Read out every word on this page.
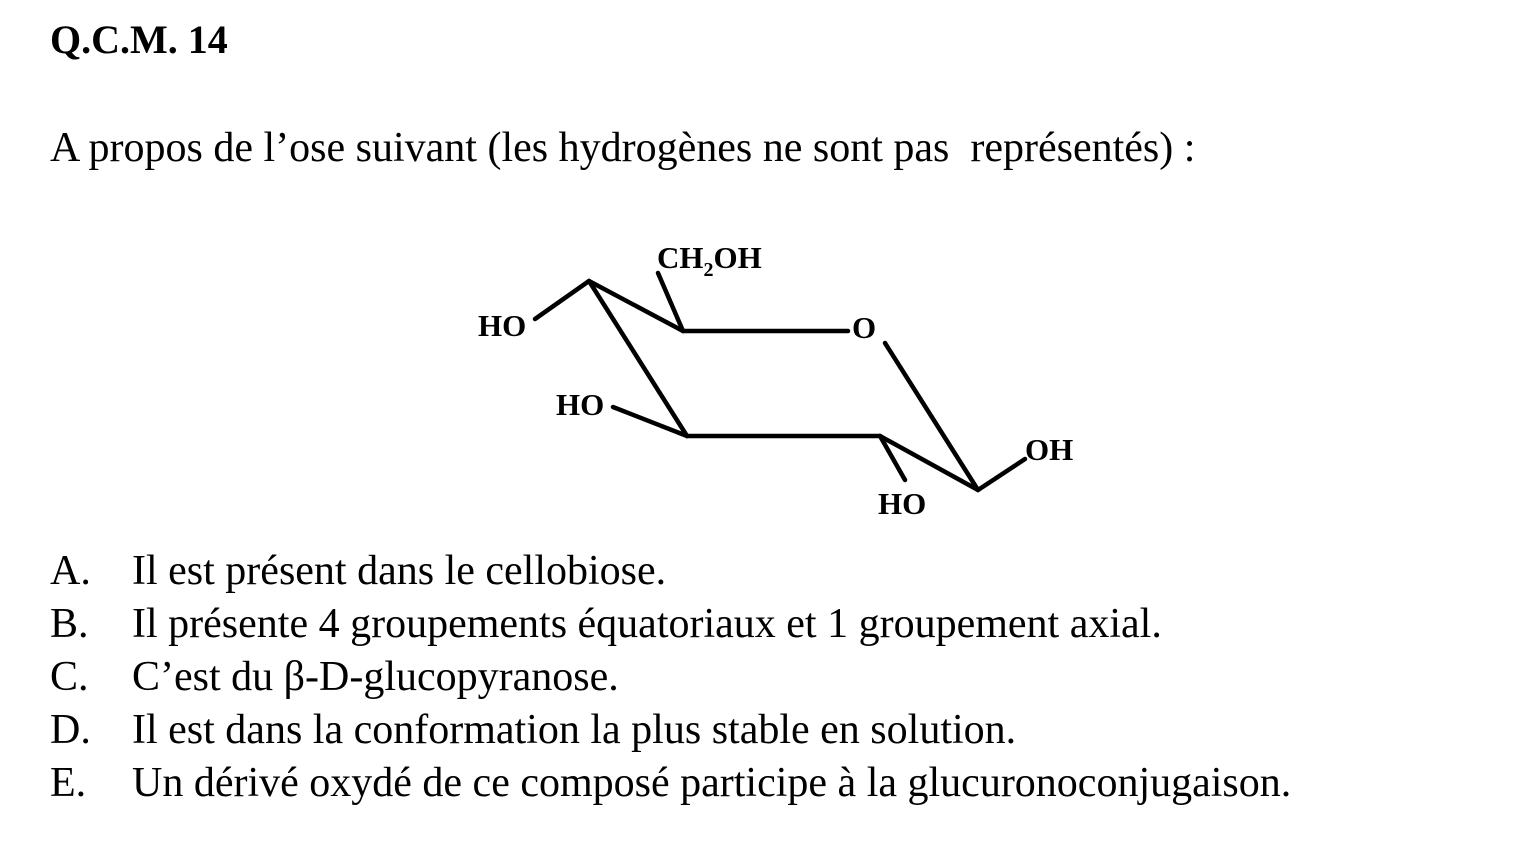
Q.C.M. 14
A propos de l’ose suivant (les hydrogènes ne sont pas  représentés) :
$CH_2OH$
O
HO
HO
HO
OH
A. Il est présent dans le cellobiose.
B. Il présente 4 groupements équatoriaux et 1 groupement axial.
C. C’est du β-D-glucopyranose.
D. Il est dans la conformation la plus stable en solution.
E. Un dérivé oxydé de ce composé participe à la glucuronoconjugaison.
